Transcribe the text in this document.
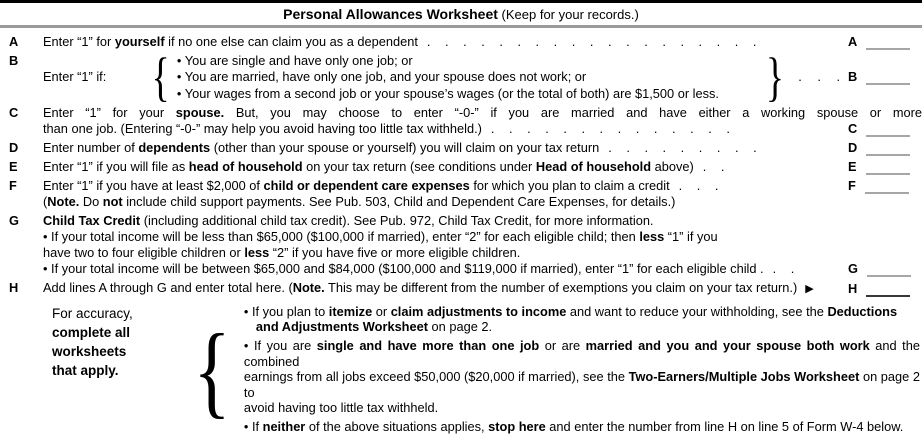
Personal Allowances Worksheet (Keep for your records.)
A	Enter “1” for yourself if no one else can claim you as a dependent . . . . . . . . . . . . . . . . . . .	A
B
Enter “1” if: { • You are single and have only one job; or
• You are married, have only one job, and your spouse does not work; or
• Your wages from a second job or your spouse’s wages (or the total of both) are $1,500 or less. }	. . . B
C	Enter “1” for your spouse. But, you may choose to enter “-0-” if you are married and have either a working spouse or more
than one job. (Entering “-0-” may help you avoid having too little tax withheld.) . . . . . . . . . . . . . .	C
D	Enter number of dependents (other than your spouse or yourself) you will claim on your tax return . . . . . . . . .	D
E	Enter “1” if you will file as head of household on your tax return (see conditions under Head of household above) . .	E
F	Enter “1” if you have at least $2,000 of child or dependent care expenses for which you plan to claim a credit . . .	F
(Note. Do not include child support payments. See Pub. 503, Child and Dependent Care Expenses, for details.)
G	Child Tax Credit (including additional child tax credit). See Pub. 972, Child Tax Credit, for more information.
• If your total income will be less than $65,000 ($100,000 if married), enter “2” for each eligible child; then less “1” if you
have two to four eligible children or less “2” if you have five or more eligible children.
• If your total income will be between $65,000 and $84,000 ($100,000 and $119,000 if married), enter “1” for each eligible child . . .	G
H	Add lines A through G and enter total here. (Note. This may be different from the number of exemptions you claim on your tax return.) ▶	H
For accuracy,
complete all
worksheets
that apply. {
• If you plan to itemize or claim adjustments to income and want to reduce your withholding, see the Deductions
and Adjustments Worksheet on page 2.
• If you are single and have more than one job or are married and you and your spouse both work and the combined
earnings from all jobs exceed $50,000 ($20,000 if married), see the Two-Earners/Multiple Jobs Worksheet on page 2 to
avoid having too little tax withheld.
• If neither of the above situations applies, stop here and enter the number from line H on line 5 of Form W-4 below.
